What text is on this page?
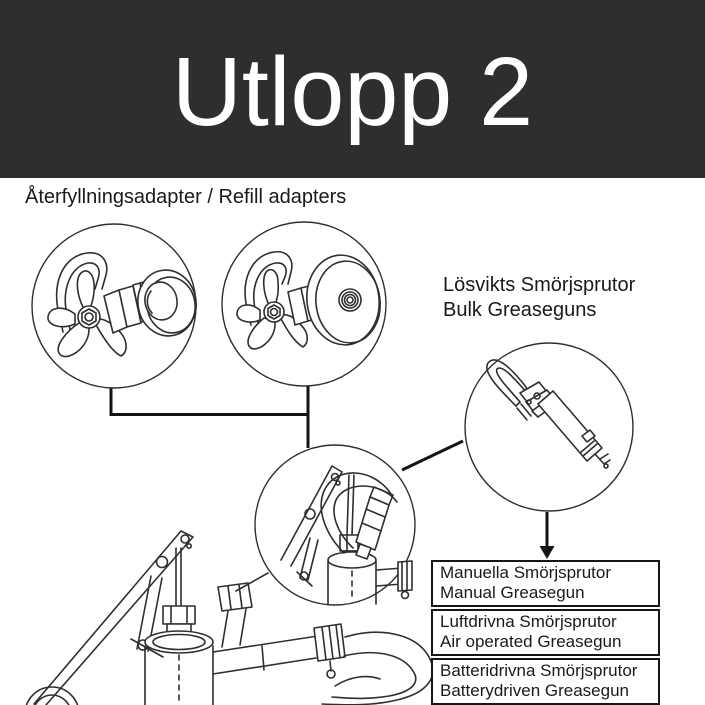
Utlopp 2
Återfyllningsadapter / Refill adapters
Lösvikts Smörjsprutor
Bulk Greaseguns
Manuella Smörjsprutor
Manual Greasegun
Luftdrivna Smörjsprutor
Air operated Greasegun
Batteridrivna Smörjsprutor
Batterydriven Greasegun
